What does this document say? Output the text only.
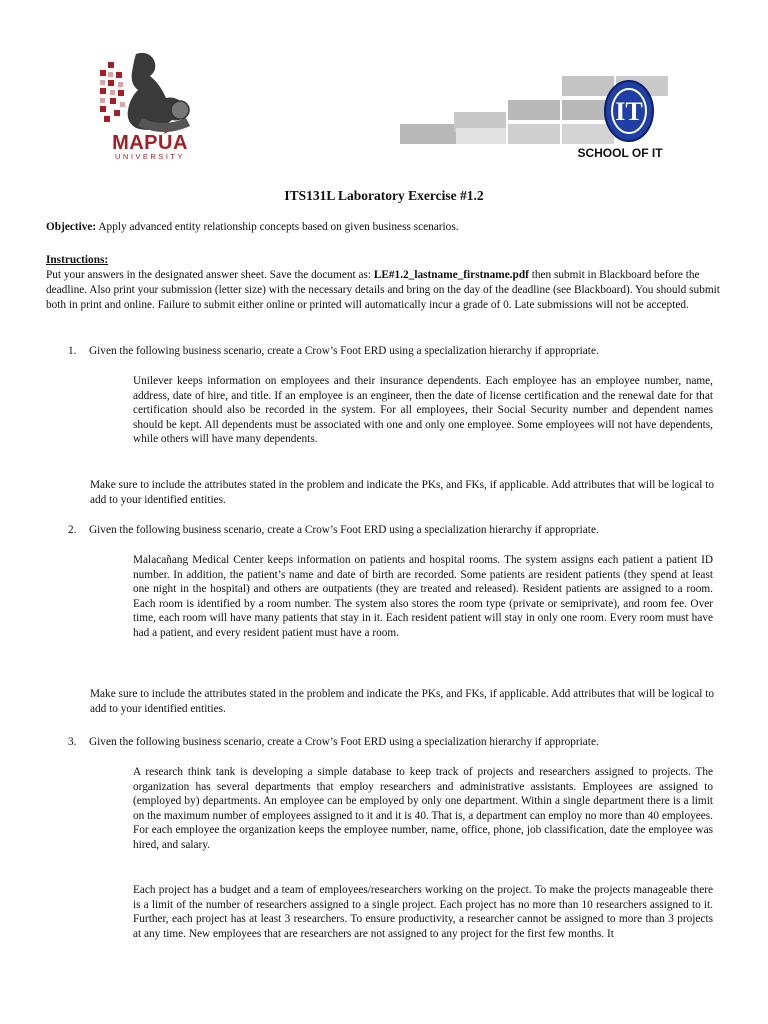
MAPÚA
UNIVERSITY
IT
SCHOOL OF IT
ITS131L Laboratory Exercise #1.2
Objective: Apply advanced entity relationship concepts based on given business scenarios.
Instructions:
Put your answers in the designated answer sheet. Save the document as: LE#1.2_lastname_firstname.pdf then submit in Blackboard before the deadline. Also print your submission (letter size) with the necessary details and bring on the day of the deadline (see Blackboard). You should submit both in print and online. Failure to submit either online or printed will automatically incur a grade of 0. Late submissions will not be accepted.
1. Given the following business scenario, create a Crow’s Foot ERD using a specialization hierarchy if appropriate.
Unilever keeps information on employees and their insurance dependents. Each employee has an employee number, name, address, date of hire, and title. If an employee is an engineer, then the date of license certification and the renewal date for that certification should also be recorded in the system. For all employees, their Social Security number and dependent names should be kept. All dependents must be associated with one and only one employee. Some employees will not have dependents, while others will have many dependents.
Make sure to include the attributes stated in the problem and indicate the PKs, and FKs, if applicable. Add attributes that will be logical to add to your identified entities.
2. Given the following business scenario, create a Crow’s Foot ERD using a specialization hierarchy if appropriate.
Malacañang Medical Center keeps information on patients and hospital rooms. The system assigns each patient a patient ID number. In addition, the patient’s name and date of birth are recorded. Some patients are resident patients (they spend at least one night in the hospital) and others are outpatients (they are treated and released). Resident patients are assigned to a room. Each room is identified by a room number. The system also stores the room type (private or semiprivate), and room fee. Over time, each room will have many patients that stay in it. Each resident patient will stay in only one room. Every room must have had a patient, and every resident patient must have a room.
Make sure to include the attributes stated in the problem and indicate the PKs, and FKs, if applicable. Add attributes that will be logical to add to your identified entities.
3. Given the following business scenario, create a Crow’s Foot ERD using a specialization hierarchy if appropriate.
A research think tank is developing a simple database to keep track of projects and researchers assigned to projects. The organization has several departments that employ researchers and administrative assistants. Employees are assigned to (employed by) departments. An employee can be employed by only one department. Within a single department there is a limit on the maximum number of employees assigned to it and it is 40. That is, a department can employ no more than 40 employees. For each employee the organization keeps the employee number, name, office, phone, job classification, date the employee was hired, and salary.
Each project has a budget and a team of employees/researchers working on the project. To make the projects manageable there is a limit of the number of researchers assigned to a single project. Each project has no more than 10 researchers assigned to it. Further, each project has at least 3 researchers. To ensure productivity, a researcher cannot be assigned to more than 3 projects at any time. New employees that are researchers are not assigned to any project for the first few months. It
